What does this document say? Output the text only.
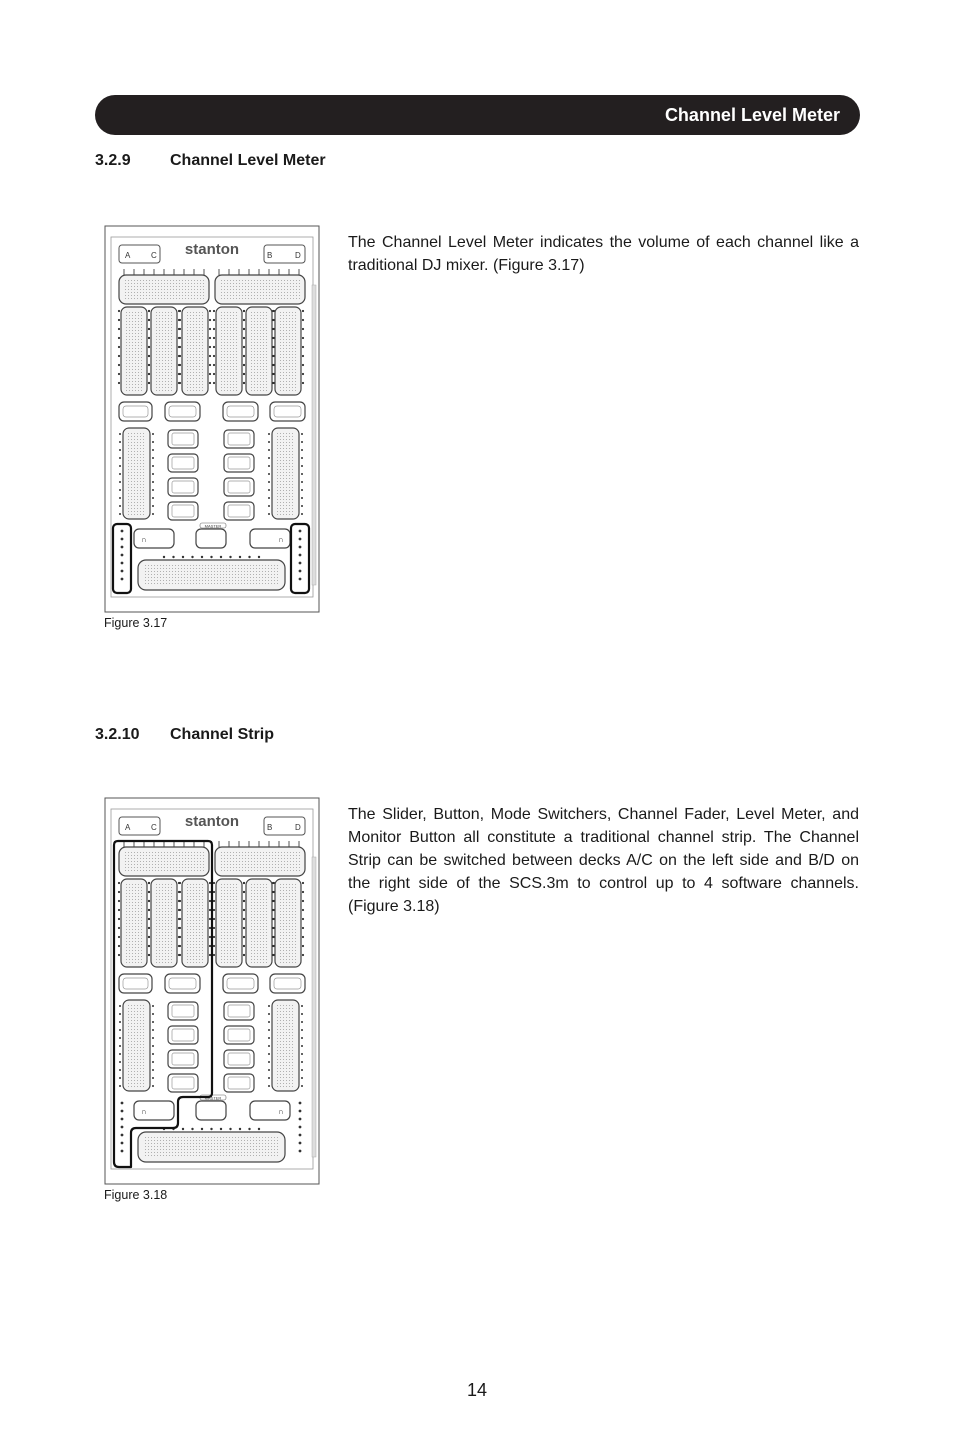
Channel Level Meter
3.2.9 Channel Level Meter
stanton
A	C	B	D
MASTER
∩	∩
Figure 3.17
The Channel Level Meter indicates the volume of each channel like a traditional DJ mixer. (Figure 3.17)
3.2.10 Channel Strip
stanton
A	C	B	D
MASTER
∩	∩
Figure 3.18
The Slider, Button, Mode Switchers, Channel Fader, Level Meter, and Monitor Button all constitute a traditional channel strip. The Channel Strip can be switched between decks A/C on the left side and B/D on the right side of the SCS.3m to control up to 4 software channels. (Figure 3.18)
14
